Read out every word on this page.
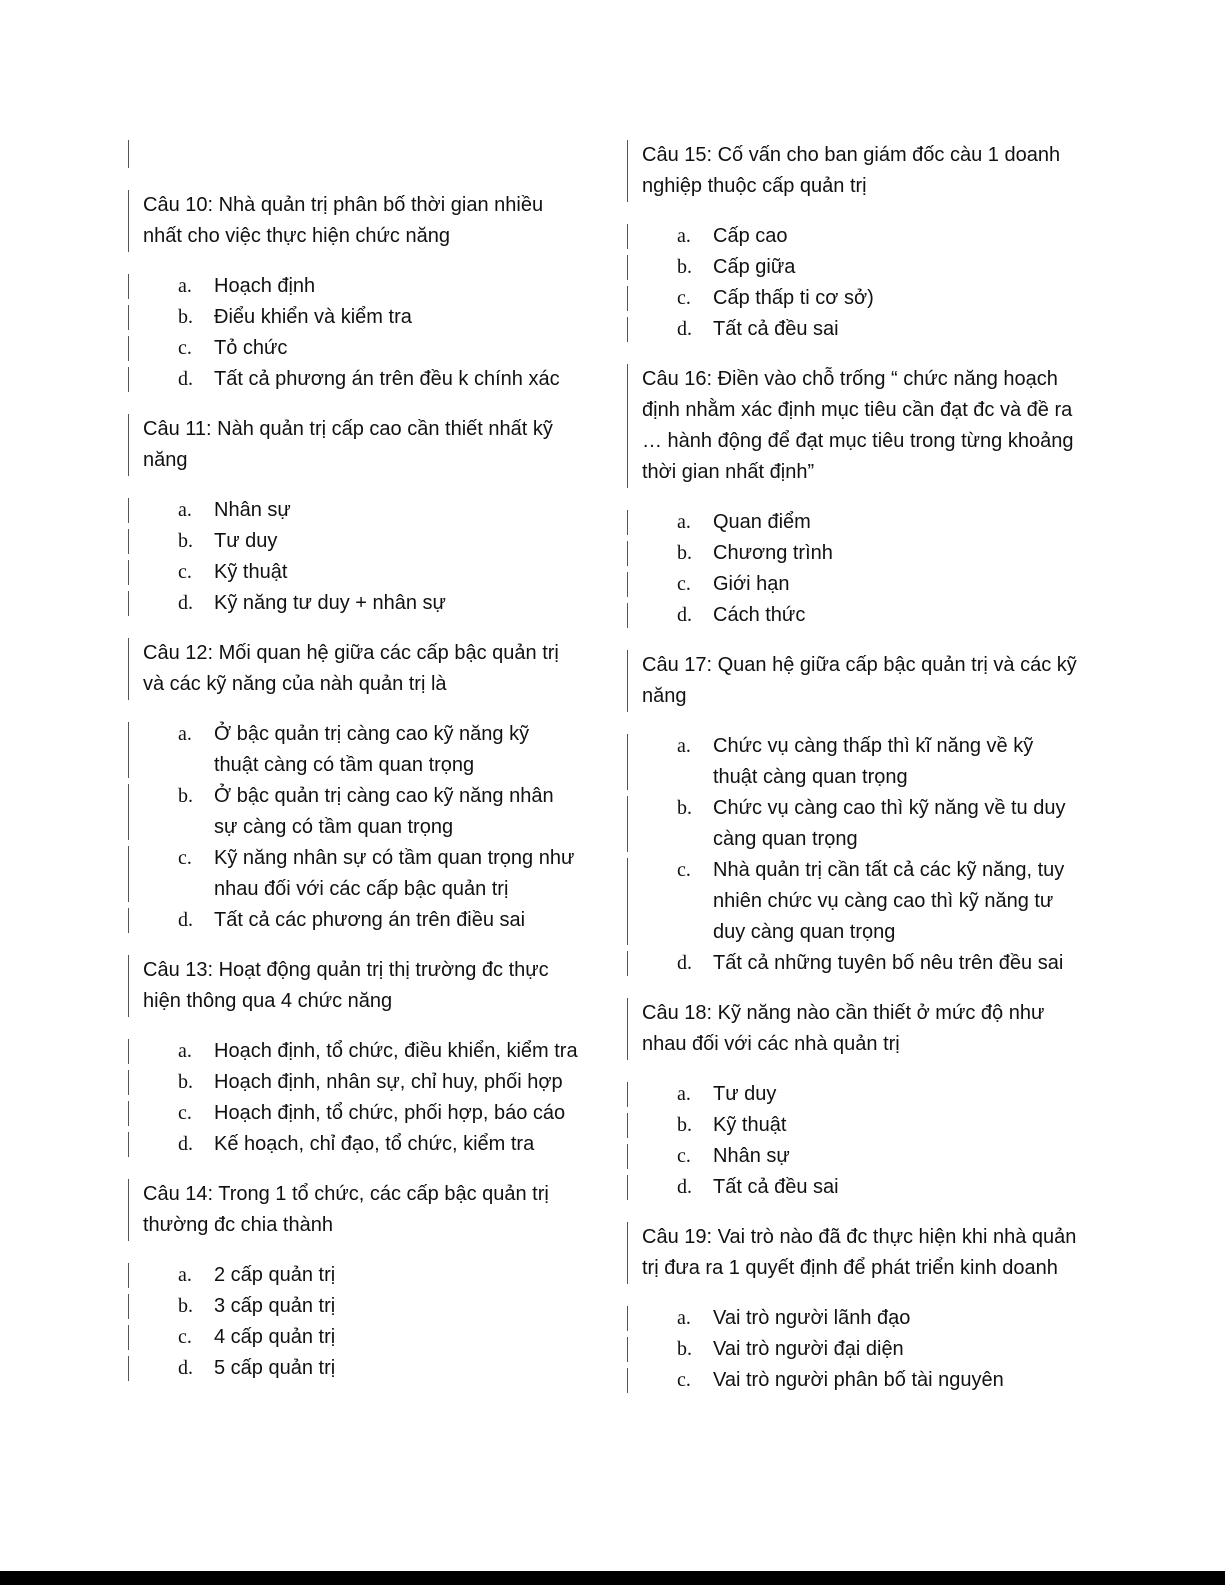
Câu 10: Nhà quản trị phân bố thời gian nhiều nhất cho việc thực hiện chức năng
a. Hoạch định
b. Điểu khiển và kiểm tra
c. Tỏ chức
d. Tất cả phương án trên đều k chính xác
Câu 11: Nàh quản trị cấp cao cần thiết nhất kỹ năng
a. Nhân sự
b. Tư duy
c. Kỹ thuật
d. Kỹ năng tư duy + nhân sự
Câu 12: Mối quan hệ giữa các cấp bậc quản trị và các kỹ năng của nàh quản trị là
a. Ở bậc quản trị càng cao kỹ năng kỹ thuật càng có tầm quan trọng
b. Ở bậc quản trị càng cao kỹ năng nhân sự càng có tầm quan trọng
c. Kỹ năng nhân sự có tầm quan trọng như nhau đối với các cấp bậc quản trị
d. Tất cả các phương án trên điều sai
Câu 13: Hoạt động quản trị thị trường đc thực hiện thông qua 4 chức năng
a. Hoạch định, tổ chức, điều khiển, kiểm tra
b. Hoạch định, nhân sự, chỉ huy, phối hợp
c. Hoạch định, tổ chức, phối hợp, báo cáo
d. Kế hoạch, chỉ đạo, tổ chức, kiểm tra
Câu 14: Trong 1 tổ chức, các cấp bậc quản trị thường đc chia thành
a. 2 cấp quản trị
b. 3 cấp quản trị
c. 4 cấp quản trị
d. 5 cấp quản trị
Câu 15: Cố vấn cho ban giám đốc càu 1 doanh nghiệp thuộc cấp quản trị
a. Cấp cao
b. Cấp giữa
c. Cấp thấp ti cơ sở)
d. Tất cả đều sai
Câu 16: Điền vào chỗ trống “ chức năng hoạch định nhằm xác định mục tiêu cần đạt đc và đề ra … hành động để đạt mục tiêu trong từng khoảng thời gian nhất định”
a. Quan điểm
b. Chương trình
c. Giới hạn
d. Cách thức
Câu 17: Quan hệ giữa cấp bậc quản trị và các kỹ năng
a. Chức vụ càng thấp thì kĩ năng về kỹ thuật càng quan trọng
b. Chức vụ càng cao thì kỹ năng về tu duy càng quan trọng
c. Nhà quản trị cần tất cả các kỹ năng, tuy nhiên chức vụ càng cao thì kỹ năng tư duy càng quan trọng
d. Tất cả những tuyên bố nêu trên đều sai
Câu 18: Kỹ năng nào cần thiết ở mức độ như nhau đối với các nhà quản trị
a. Tư duy
b. Kỹ thuật
c. Nhân sự
d. Tất cả đều sai
Câu 19: Vai trò nào đã đc thực hiện khi nhà quản trị đưa ra 1 quyết định để phát triển kinh doanh
a. Vai trò người lãnh đạo
b. Vai trò người đại diện
c. Vai trò người phân bố tài nguyên
